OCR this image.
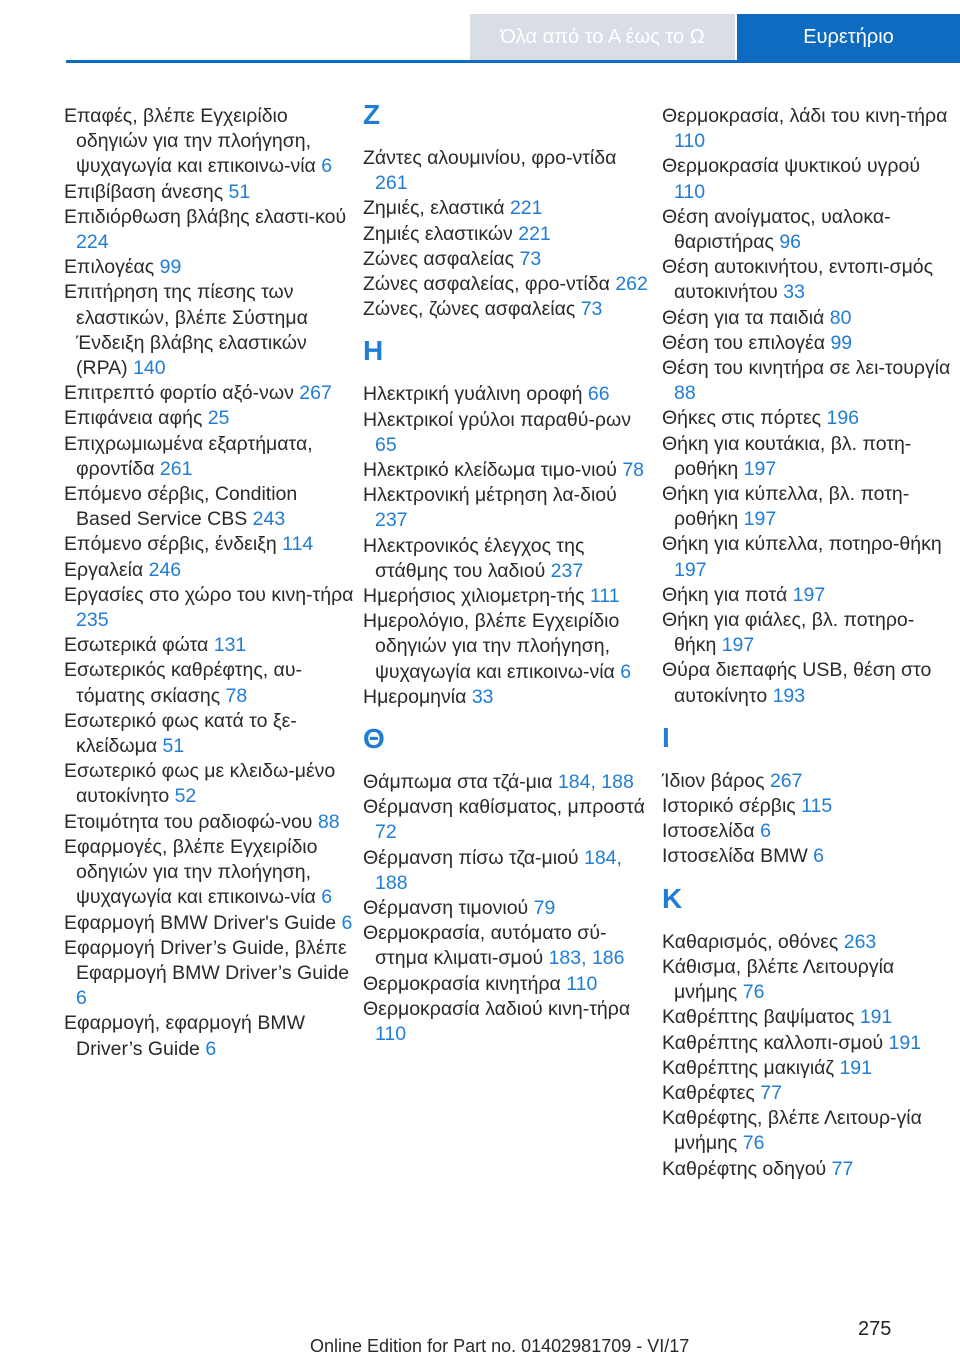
Όλα από το Α έως το Ω	Ευρετήριο
Επαφές, βλέπε Εγχειρίδιο οδηγιών για την πλοήγηση, ψυχαγωγία και επικοινω-νία 6
Επιβίβαση άνεσης 51
Επιδιόρθωση βλάβης ελαστι-κού 224
Επιλογέας 99
Επιτήρηση της πίεσης των ελαστικών, βλέπε Σύστημα Ένδειξη βλάβης ελαστικών (RPA) 140
Επιτρεπτό φορτίο αξό-νων 267
Επιφάνεια αφής 25
Επιχρωμιωμένα εξαρτήματα, φροντίδα 261
Επόμενο σέρβις, Condition Based Service CBS 243
Επόμενο σέρβις, ένδειξη 114
Εργαλεία 246
Εργασίες στο χώρο του κινη-τήρα 235
Εσωτερικά φώτα 131
Εσωτερικός καθρέφτης, αυ-τόματης σκίασης 78
Εσωτερικό φως κατά το ξε-κλείδωμα 51
Εσωτερικό φως με κλειδω-μένο αυτοκίνητο 52
Ετοιμότητα του ραδιοφώ-νου 88
Εφαρμογές, βλέπε Εγχειρίδιο οδηγιών για την πλοήγηση, ψυχαγωγία και επικοινω-νία 6
Εφαρμογή BMW Driver's Guide 6
Εφαρμογή Driver’s Guide, βλέπε Εφαρμογή BMW Driver’s Guide 6
Εφαρμογή, εφαρμογή BMW Driver’s Guide 6
Z
Ζάντες αλουμινίου, φρο-ντίδα 261
Ζημιές, ελαστικά 221
Ζημιές ελαστικών 221
Ζώνες ασφαλείας 73
Ζώνες ασφαλείας, φρο-ντίδα 262
Ζώνες, ζώνες ασφαλείας 73
H
Ηλεκτρική γυάλινη οροφή 66
Ηλεκτρικοί γρύλοι παραθύ-ρων 65
Ηλεκτρικό κλείδωμα τιμο-νιού 78
Ηλεκτρονική μέτρηση λα-διού 237
Ηλεκτρονικός έλεγχος της στάθμης του λαδιού 237
Ημερήσιος χιλιομετρη-τής 111
Ημερολόγιο, βλέπε Εγχειρίδιο οδηγιών για την πλοήγηση, ψυχαγωγία και επικοινω-νία 6
Ημερομηνία 33
Θ
Θάμπωμα στα τζά-μια 184, 188
Θέρμανση καθίσματος, μπροστά 72
Θέρμανση πίσω τζα-μιού 184, 188
Θέρμανση τιμονιού 79
Θερμοκρασία, αυτόματο σύ-στημα κλιματι-σμού 183, 186
Θερμοκρασία κινητήρα 110
Θερμοκρασία λαδιού κινη-τήρα 110
Θερμοκρασία, λάδι του κινη-τήρα 110
Θερμοκρασία ψυκτικού υγρού 110
Θέση ανοίγματος, υαλοκα-θαριστήρας 96
Θέση αυτοκινήτου, εντοπι-σμός αυτοκινήτου 33
Θέση για τα παιδιά 80
Θέση του επιλογέα 99
Θέση του κινητήρα σε λει-τουργία 88
Θήκες στις πόρτες 196
Θήκη για κουτάκια, βλ. ποτη-ροθήκη 197
Θήκη για κύπελλα, βλ. ποτη-ροθήκη 197
Θήκη για κύπελλα, ποτηρο-θήκη 197
Θήκη για ποτά 197
Θήκη για φιάλες, βλ. ποτηρο-θήκη 197
Θύρα διεπαφής USB, θέση στο αυτοκίνητο 193
I
Ίδιον βάρος 267
Ιστορικό σέρβις 115
Ιστοσελίδα 6
Ιστοσελίδα BMW 6
K
Καθαρισμός, οθόνες 263
Κάθισμα, βλέπε Λειτουργία μνήμης 76
Καθρέπτης βαψίματος 191
Καθρέπτης καλλοπι-σμού 191
Καθρέπτης μακιγιάζ 191
Καθρέφτες 77
Καθρέφτης, βλέπε Λειτουρ-γία μνήμης 76
Καθρέφτης οδηγού 77
275
Online Edition for Part no. 01402981709 - VI/17
